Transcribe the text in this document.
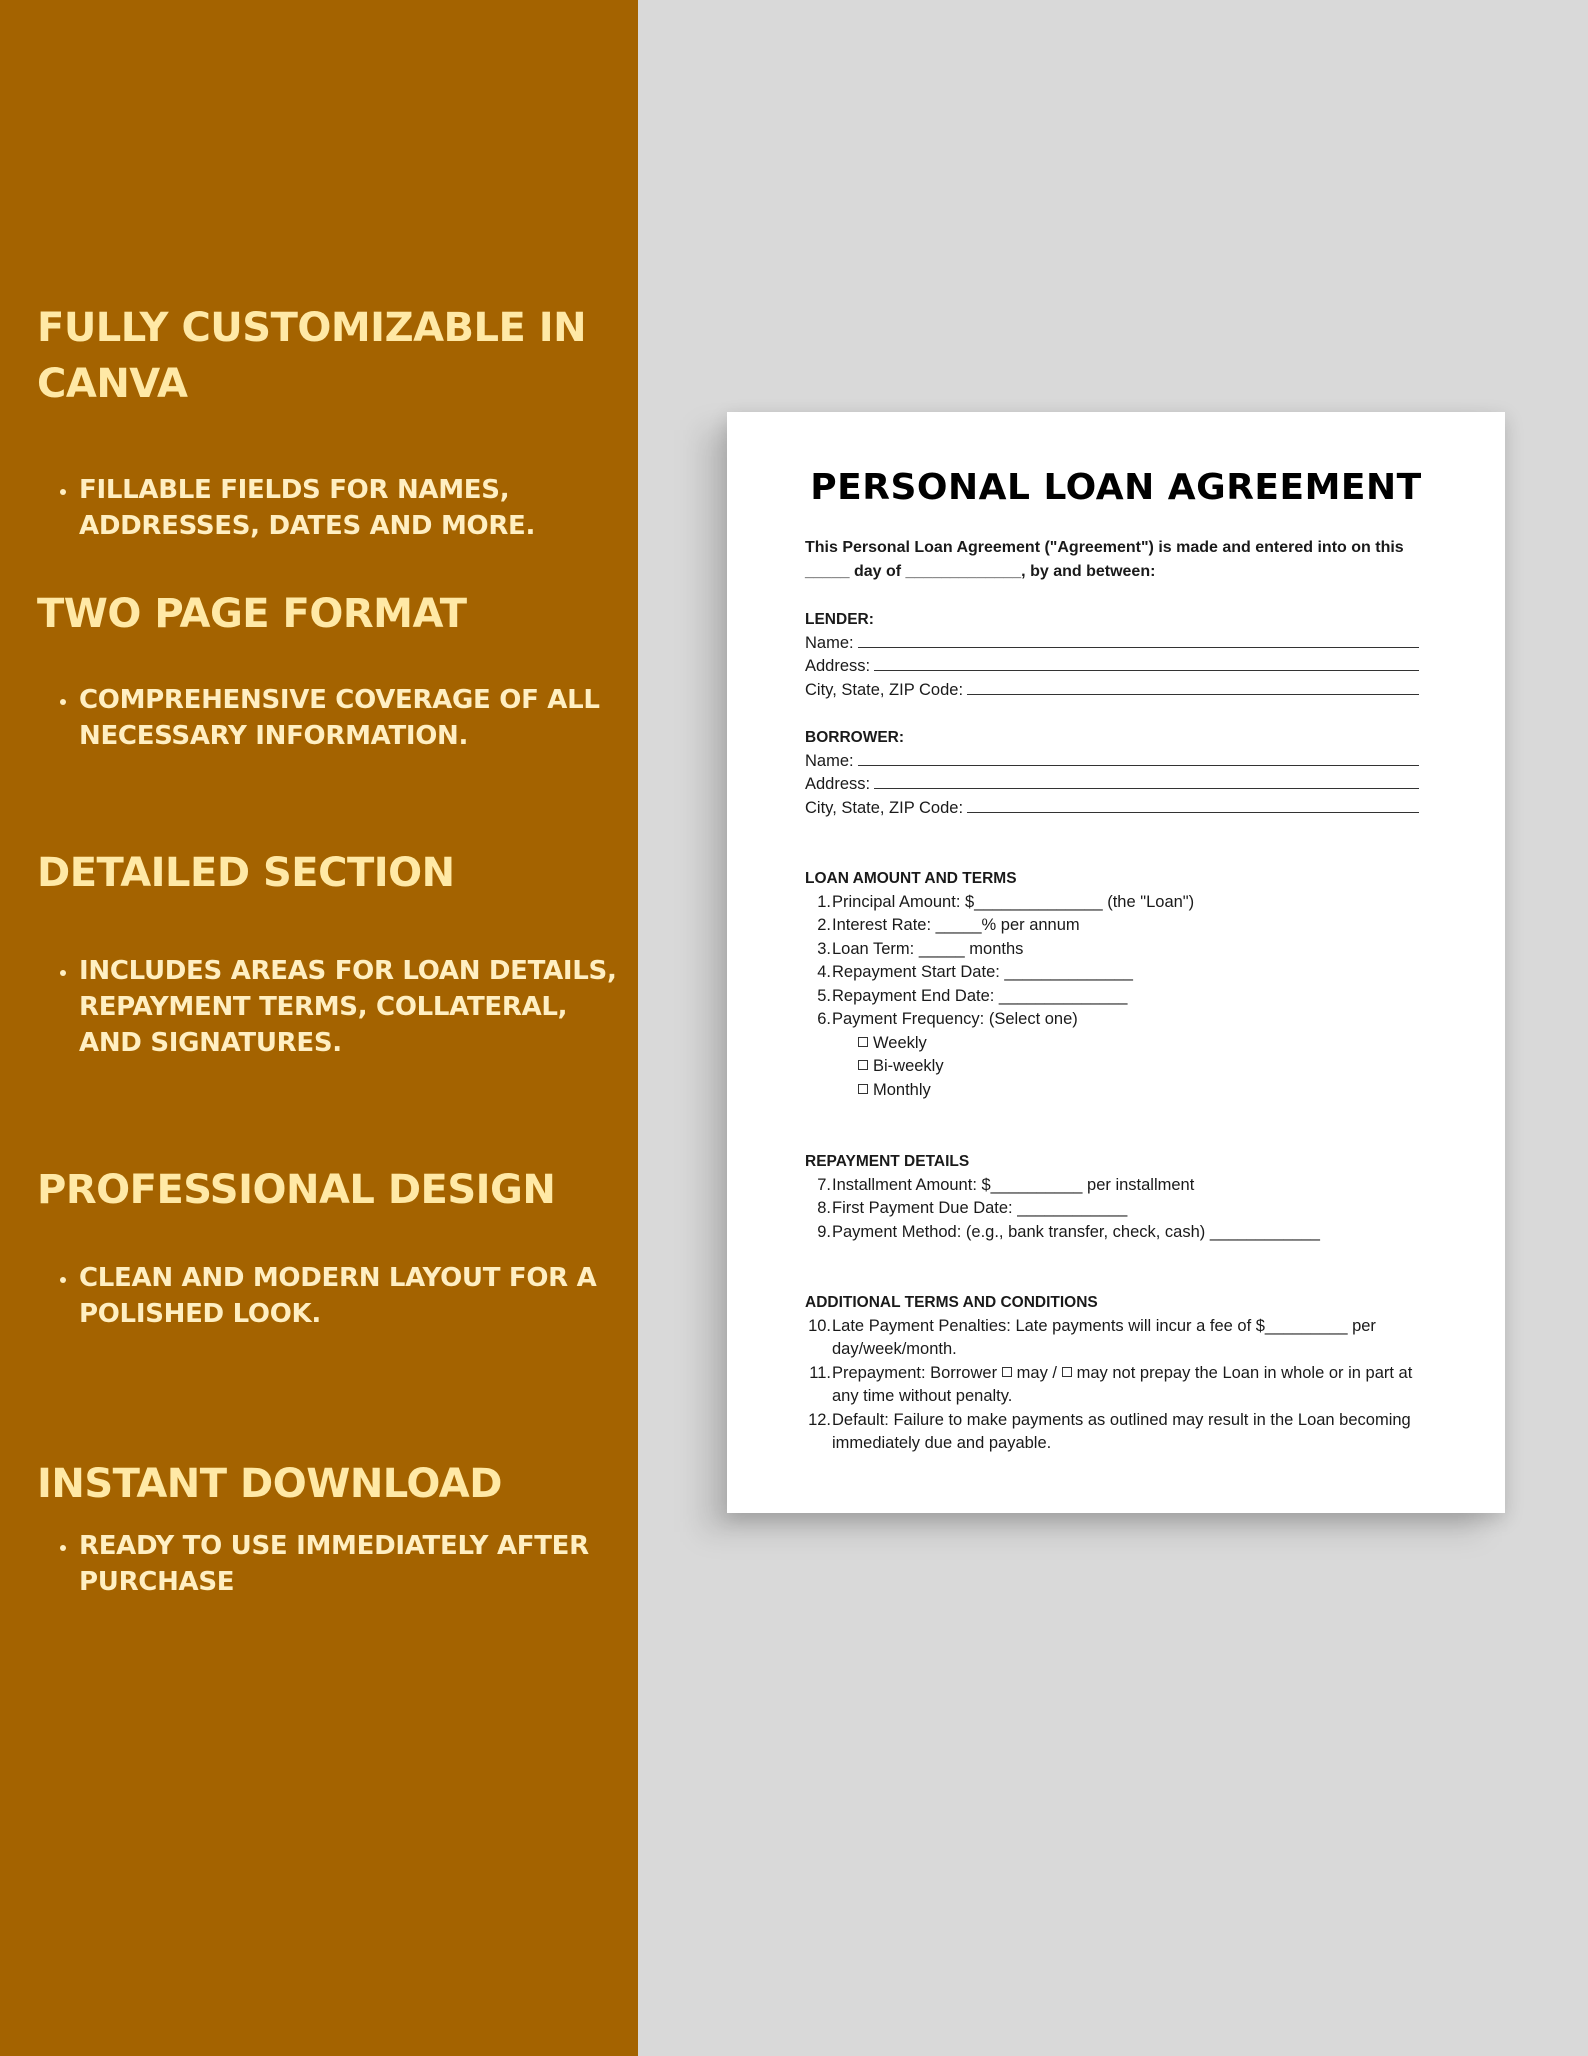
FULLY CUSTOMIZABLE IN CANVA
• FILLABLE FIELDS FOR NAMES, ADDRESSES, DATES AND MORE.
TWO PAGE FORMAT
• COMPREHENSIVE COVERAGE OF ALL NECESSARY INFORMATION.
DETAILED SECTION
• INCLUDES AREAS FOR LOAN DETAILS, REPAYMENT TERMS, COLLATERAL, AND SIGNATURES.
PROFESSIONAL DESIGN
• CLEAN AND MODERN LAYOUT FOR A POLISHED LOOK.
INSTANT DOWNLOAD
• READY TO USE IMMEDIATELY AFTER PURCHASE
PERSONAL LOAN AGREEMENT
This Personal Loan Agreement ("Agreement") is made and entered into on this _____ day of _____________, by and between:
LENDER:
Name:
Address:
City, State, ZIP Code:
BORROWER:
Name:
Address:
City, State, ZIP Code:
LOAN AMOUNT AND TERMS
1. Principal Amount: $______________ (the "Loan")
2. Interest Rate: _____% per annum
3. Loan Term: _____ months
4. Repayment Start Date: ______________
5. Repayment End Date: ______________
6. Payment Frequency: (Select one)
Weekly
Bi-weekly
Monthly
REPAYMENT DETAILS
7. Installment Amount: $__________ per installment
8. First Payment Due Date: ____________
9. Payment Method: (e.g., bank transfer, check, cash) ____________
ADDITIONAL TERMS AND CONDITIONS
10. Late Payment Penalties: Late payments will incur a fee of $_________ per day/week/month.
11. Prepayment: Borrower may / may not prepay the Loan in whole or in part at any time without penalty.
12. Default: Failure to make payments as outlined may result in the Loan becoming immediately due and payable.
